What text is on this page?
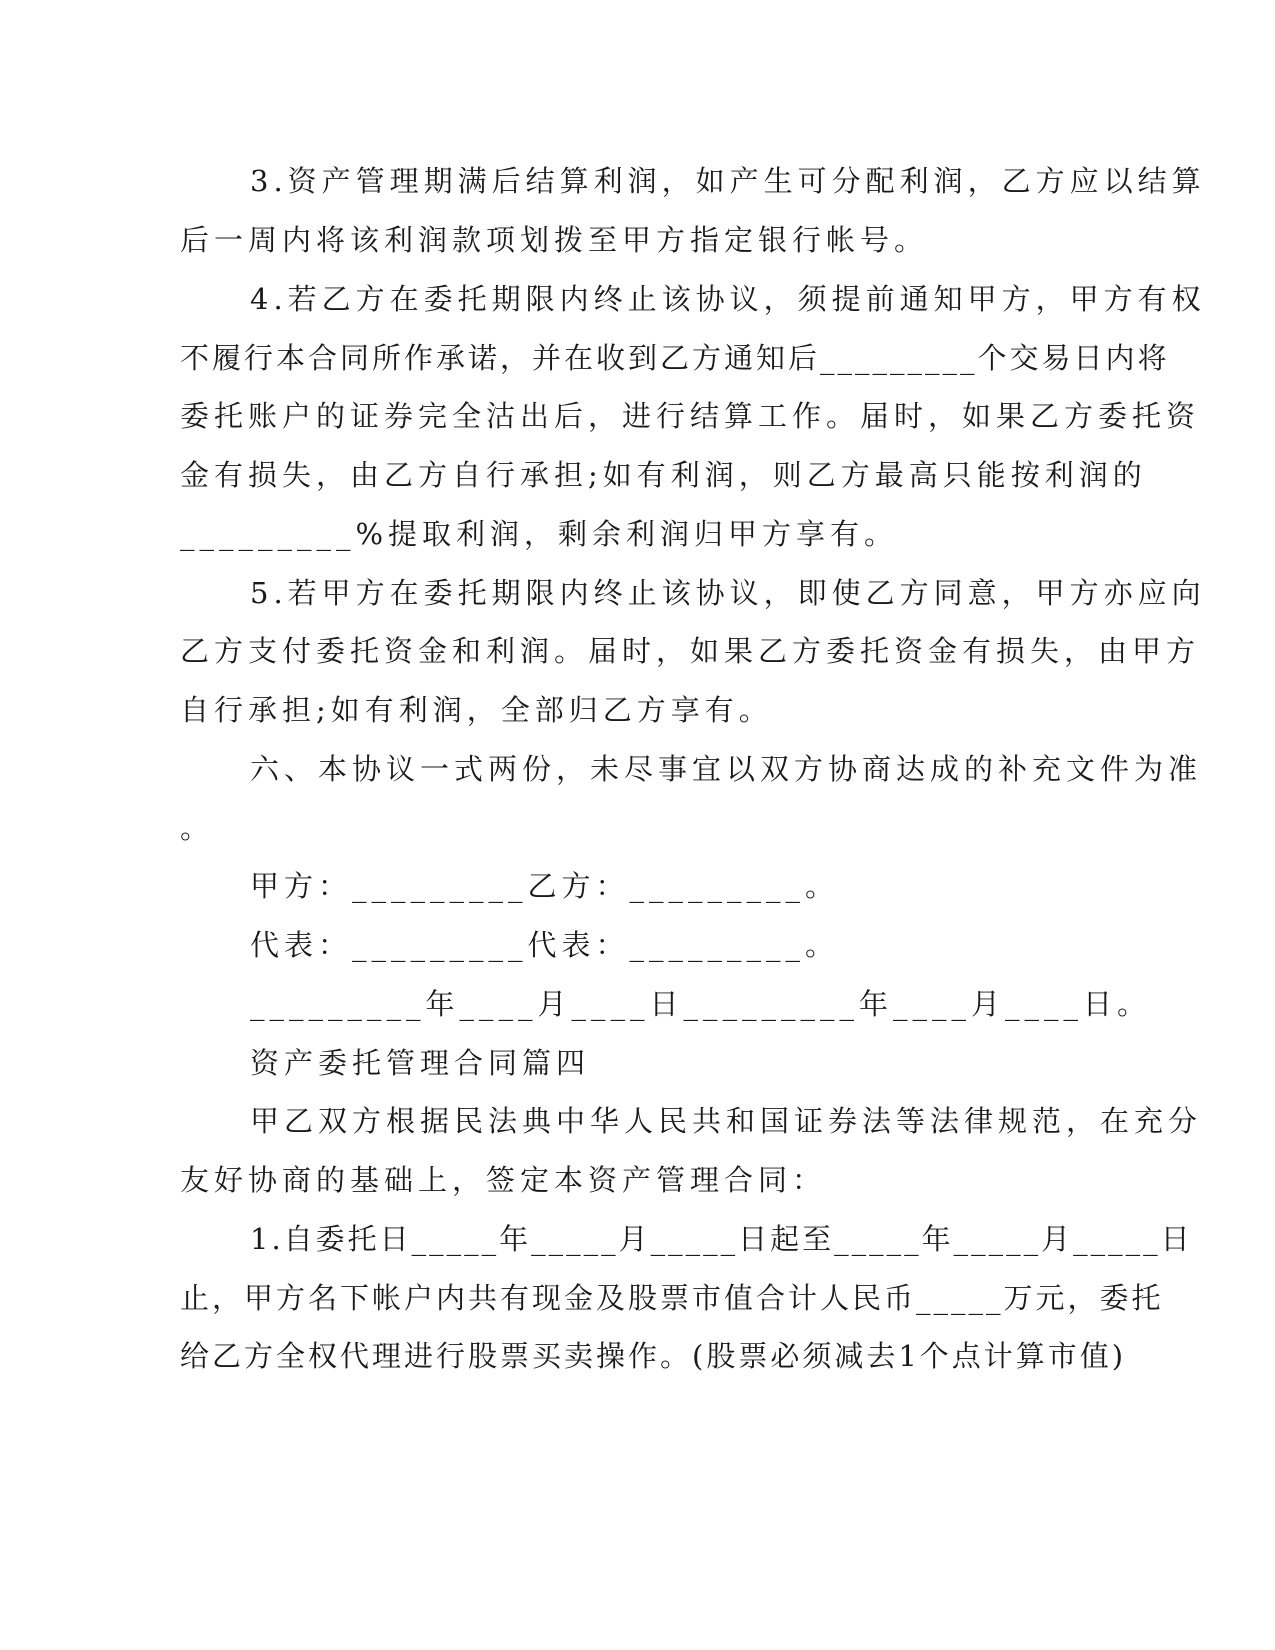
3.资产管理期满后结算利润，如产生可分配利润，乙方应以结算
后一周内将该利润款项划拨至甲方指定银行帐号。
4.若乙方在委托期限内终止该协议，须提前通知甲方，甲方有权
不履行本合同所作承诺，并在收到乙方通知后_________个交易日内将
委托账户的证券完全沽出后，进行结算工作。届时，如果乙方委托资
金有损失，由乙方自行承担;如有利润，则乙方最高只能按利润的
_________%提取利润，剩余利润归甲方享有。
5.若甲方在委托期限内终止该协议，即使乙方同意，甲方亦应向
乙方支付委托资金和利润。届时，如果乙方委托资金有损失，由甲方
自行承担;如有利润，全部归乙方享有。
六、本协议一式两份，未尽事宜以双方协商达成的补充文件为准
。
甲方：_________乙方：_________。
代表：_________代表：_________。
_________年____月____日_________年____月____日。
资产委托管理合同篇四
甲乙双方根据民法典中华人民共和国证券法等法律规范，在充分
友好协商的基础上，签定本资产管理合同：
1.自委托日_____年_____月_____日起至_____年_____月_____日
止，甲方名下帐户内共有现金及股票市值合计人民币_____万元，委托
给乙方全权代理进行股票买卖操作。(股票必须减去1个点计算市值)
